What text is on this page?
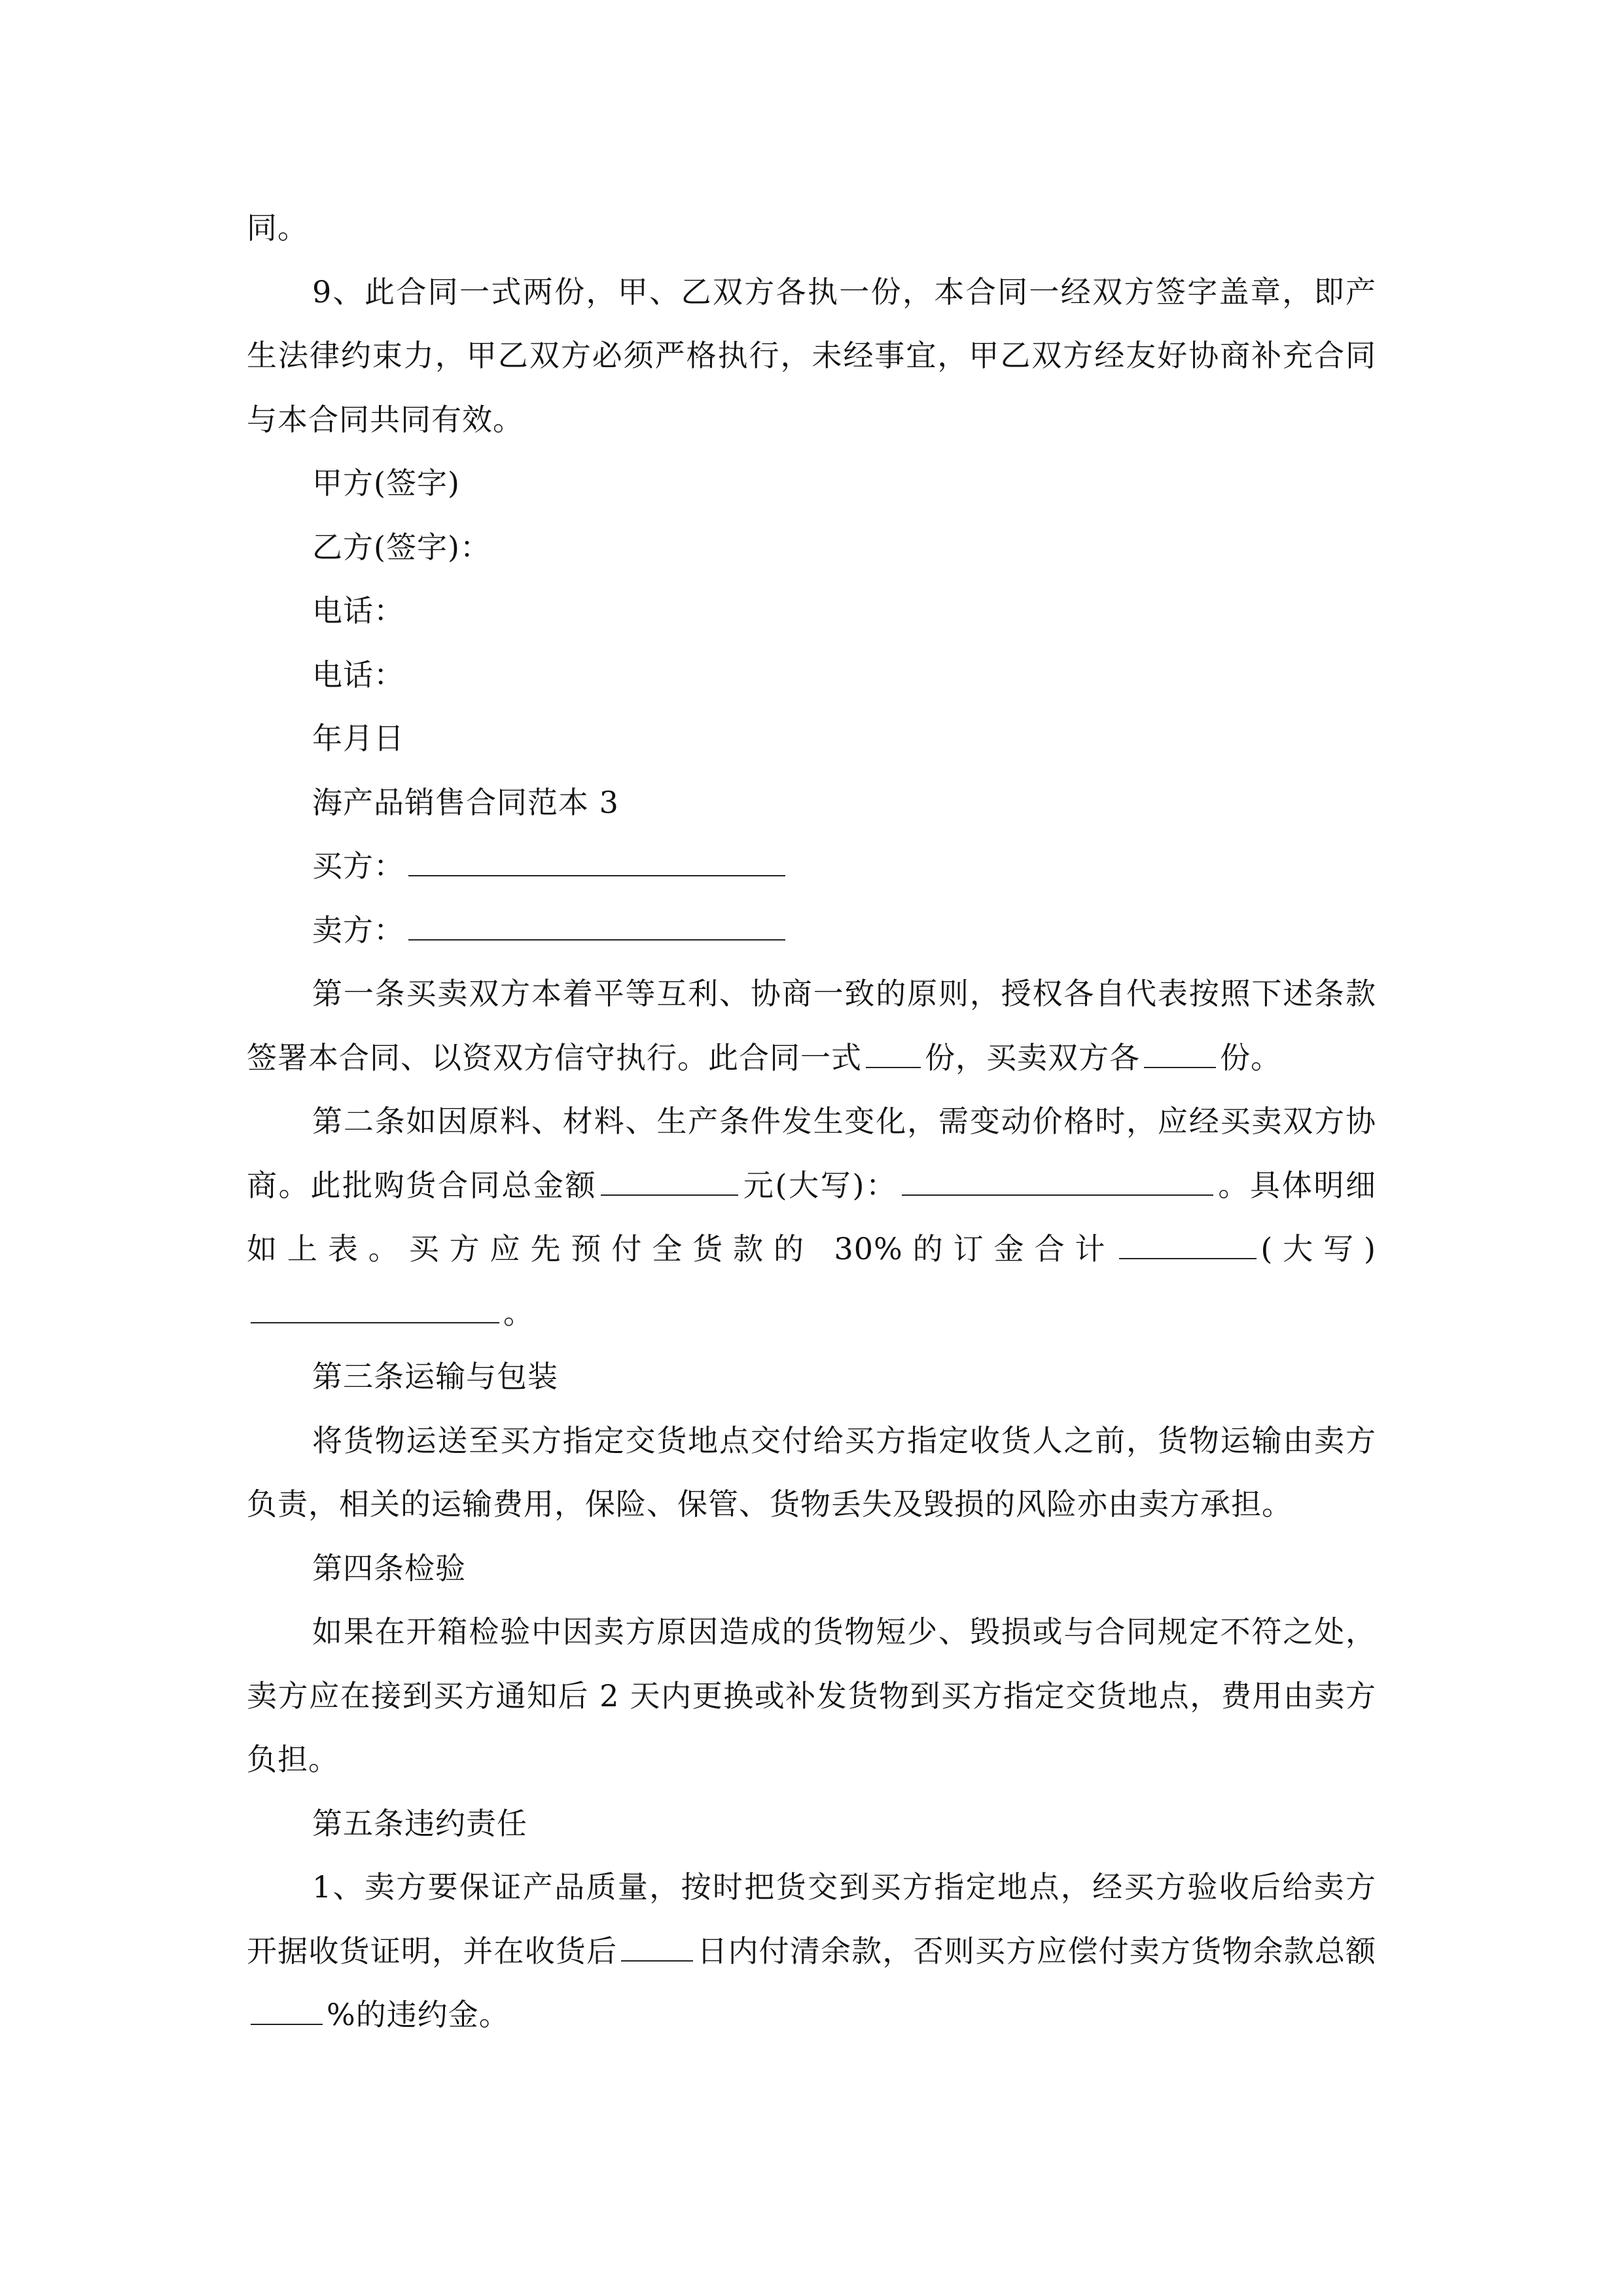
同。

9、此合同一式两份，甲、乙双方各执一份，本合同一经双方签字盖章，即产生法律约束力，甲乙双方必须严格执行，未经事宜，甲乙双方经友好协商补充合同与本合同共同有效。

甲方(签字)

乙方(签字)：

电话：

电话：

年月日

海产品销售合同范本 3

买方：

卖方：

第一条买卖双方本着平等互利、协商一致的原则，授权各自代表按照下述条款签署本合同、以资双方信守执行。此合同一式 份，买卖双方各	份。

第二条如因原料、材料、生产条件发生变化，需变动价格时，应经买卖双方协商。此批购货合同总金额	元(大写)：	。具体明细如上表。买方应先预付全货款的 30%的订金合计	(大写)。

第三条运输与包装

将货物运送至买方指定交货地点交付给买方指定收货人之前，货物运输由卖方负责，相关的运输费用，保险、保管、货物丢失及毁损的风险亦由卖方承担。

第四条检验

如果在开箱检验中因卖方原因造成的货物短少、毁损或与合同规定不符之处，卖方应在接到买方通知后 2 天内更换或补发货物到买方指定交货地点，费用由卖方负担。

第五条违约责任

1、卖方要保证产品质量，按时把货交到买方指定地点，经买方验收后给卖方开据收货证明，并在收货后	日内付清余款，否则买方应偿付卖方货物余款总额%的违约金。
